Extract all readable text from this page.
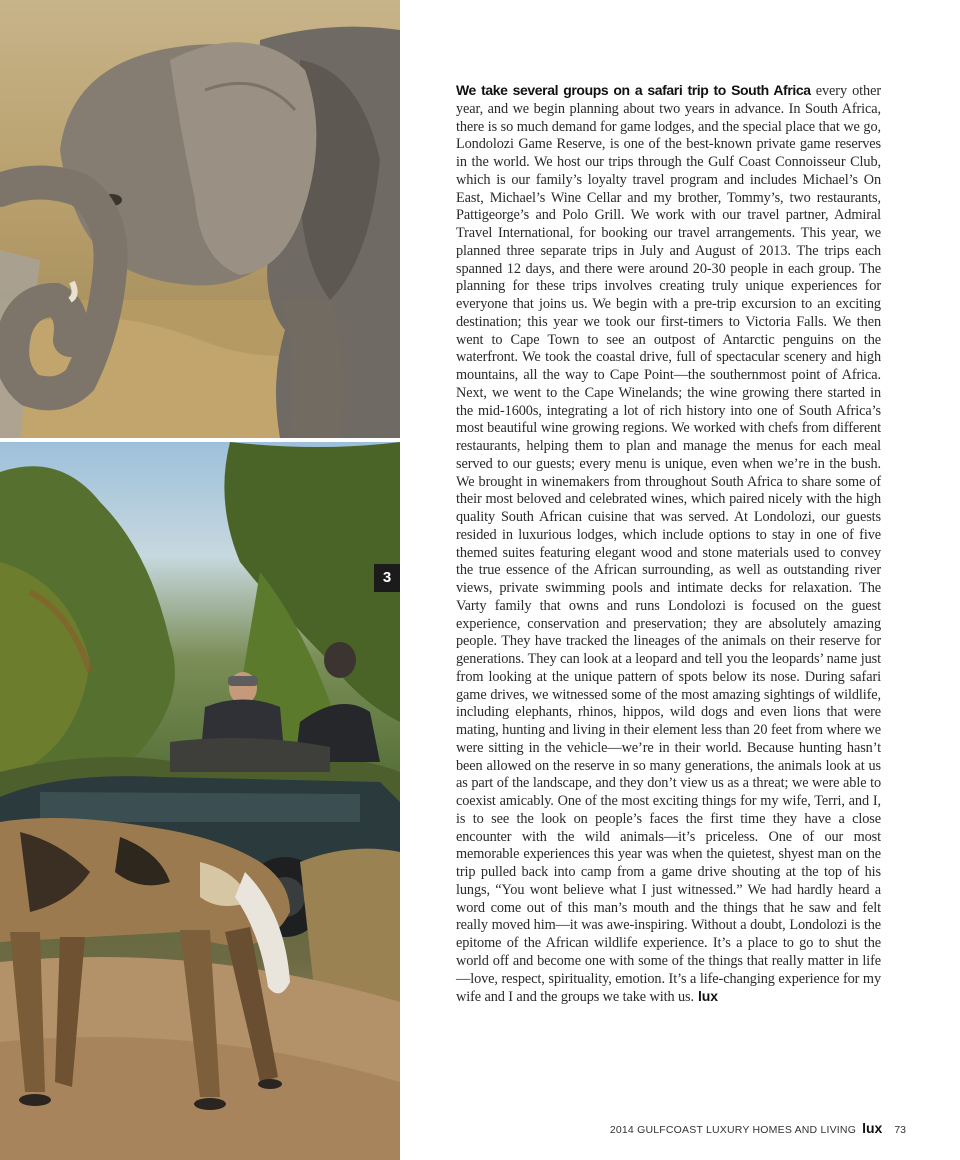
3
We take several groups on a safari trip to South Africa every other year, and we begin planning about two years in advance. In South Africa, there is so much demand for game lodges, and the special place that we go, Londolozi Game Reserve, is one of the best-known private game reserves in the world. We host our trips through the Gulf Coast Connoisseur Club, which is our family’s loyalty travel program and includes Michael’s On East, Michael’s Wine Cellar and my brother, Tommy’s, two restaurants, Pattigeorge’s and Polo Grill. We work with our travel partner, Admiral Travel International, for booking our travel arrangements. This year, we planned three separate trips in July and August of 2013. The trips each spanned 12 days, and there were around 20-30 people in each group. The planning for these trips involves creating truly unique experiences for everyone that joins us. We begin with a pre-trip excursion to an exciting destination; this year we took our first-timers to Victoria Falls. We then went to Cape Town to see an outpost of Antarctic penguins on the waterfront. We took the coastal drive, full of spectacular scenery and high mountains, all the way to Cape Point—the southernmost point of Africa. Next, we went to the Cape Winelands; the wine growing there started in the mid-1600s, integrating a lot of rich history into one of South Africa’s most beautiful wine growing regions. We worked with chefs from different restaurants, helping them to plan and manage the menus for each meal served to our guests; every menu is unique, even when we’re in the bush. We brought in winemakers from throughout South Africa to share some of their most beloved and celebrated wines, which paired nicely with the high quality South African cuisine that was served. At Londolozi, our guests resided in luxurious lodges, which include options to stay in one of five themed suites featuring elegant wood and stone materials used to convey the true essence of the African surrounding, as well as outstanding river views, private swimming pools and intimate decks for relaxation. The Varty family that owns and runs Londolozi is focused on the guest experience, conservation and preservation; they are absolutely amazing people. They have tracked the lineages of the animals on their reserve for generations. They can look at a leopard and tell you the leopards’ name just from looking at the unique pattern of spots below its nose. During safari game drives, we witnessed some of the most amazing sightings of wildlife, including elephants, rhinos, hippos, wild dogs and even lions that were mating, hunting and living in their element less than 20 feet from where we were sitting in the vehicle—we’re in their world. Because hunting hasn’t been allowed on the reserve in so many generations, the animals look at us as part of the landscape, and they don’t view us as a threat; we were able to coexist amicably. One of the most exciting things for my wife, Terri, and I, is to see the look on people’s faces the first time they have a close encounter with the wild animals—it’s priceless. One of our most memorable experiences this year was when the quietest, shyest man on the trip pulled back into camp from a game drive shouting at the top of his lungs, “You wont believe what I just witnessed.” We had hardly heard a word come out of this man’s mouth and the things that he saw and felt really moved him—it was awe-inspiring. Without a doubt, Londolozi is the epitome of the African wildlife experience. It’s a place to go to shut the world off and become one with some of the things that really matter in life—love, respect, spirituality, emotion. It’s a life-changing experience for my wife and I and the groups we take with us. lux
2014 GULFCOAST LUXURY HOMES AND LIVING lux 73
